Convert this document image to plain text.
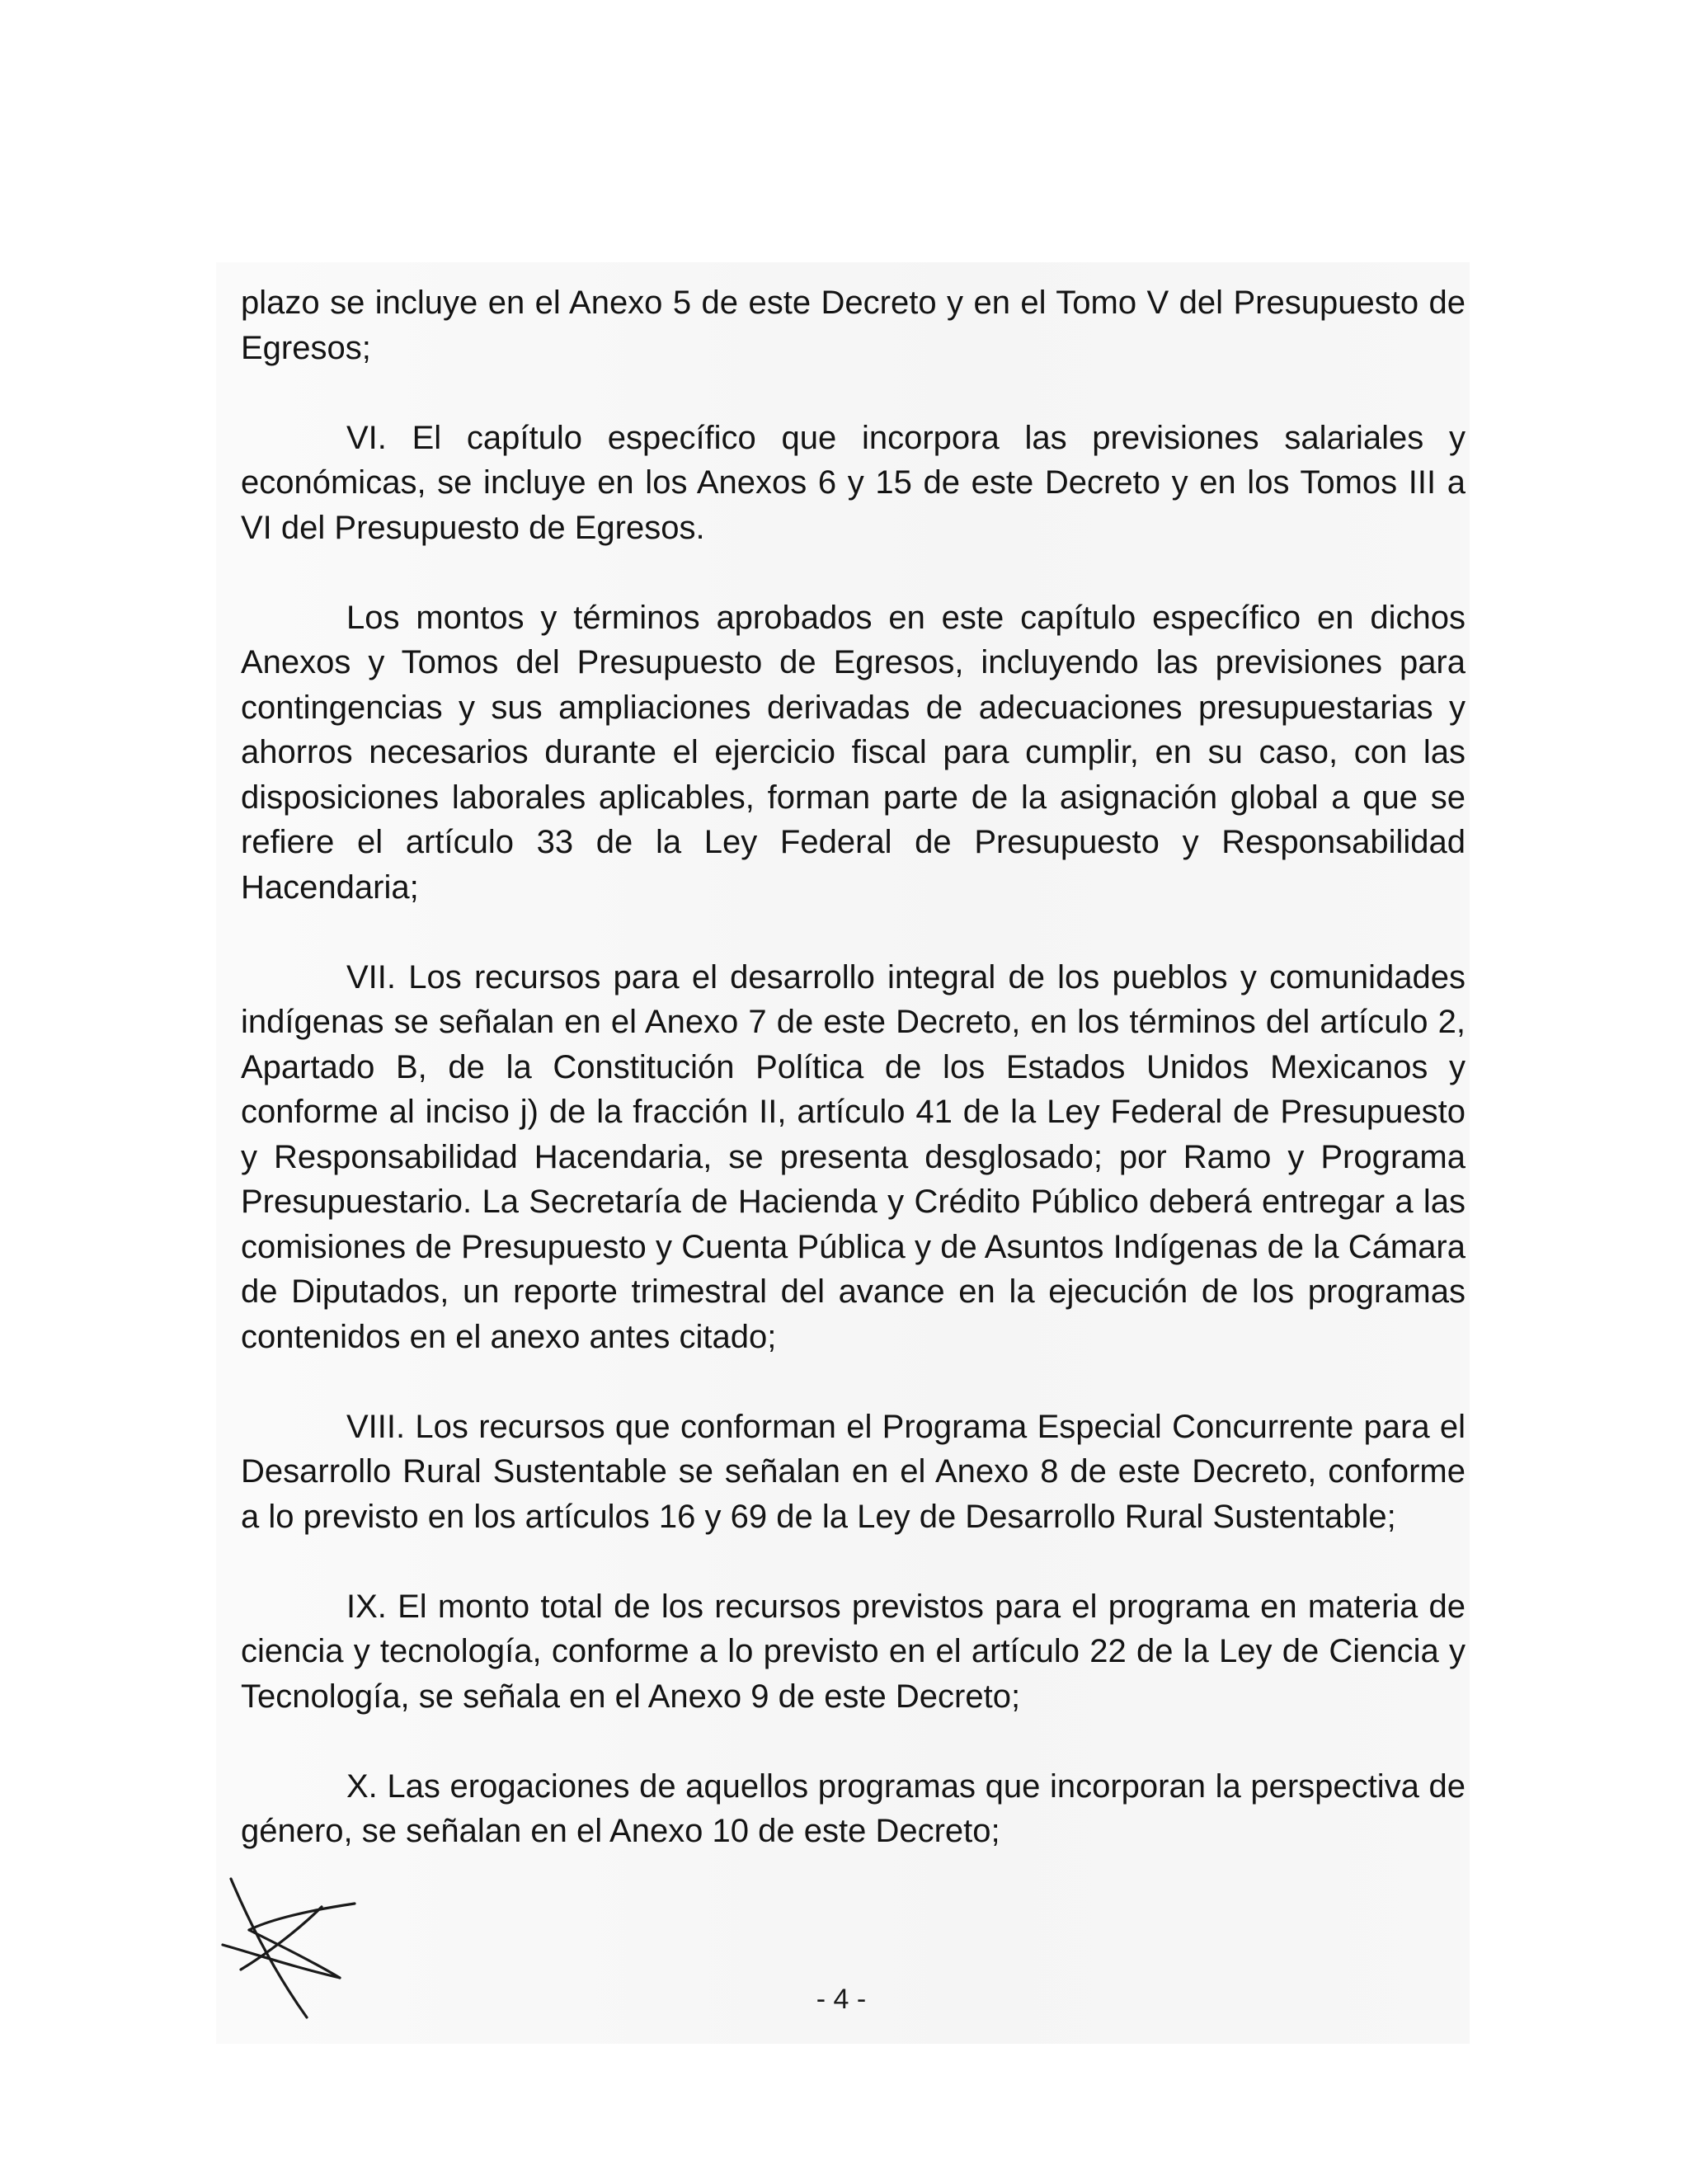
plazo se incluye en el Anexo 5 de este Decreto y en el Tomo V del Presupuesto de Egresos;

VI. El capítulo específico que incorpora las previsiones salariales y económicas, se incluye en los Anexos 6 y 15 de este Decreto y en los Tomos III a VI del Presupuesto de Egresos.

Los montos y términos aprobados en este capítulo específico en dichos Anexos y Tomos del Presupuesto de Egresos, incluyendo las previsiones para contingencias y sus ampliaciones derivadas de adecuaciones presupuestarias y ahorros necesarios durante el ejercicio fiscal para cumplir, en su caso, con las disposiciones laborales aplicables, forman parte de la asignación global a que se refiere el artículo 33 de la Ley Federal de Presupuesto y Responsabilidad Hacendaria;

VII. Los recursos para el desarrollo integral de los pueblos y comunidades indígenas se señalan en el Anexo 7 de este Decreto, en los términos del artículo 2, Apartado B, de la Constitución Política de los Estados Unidos Mexicanos y conforme al inciso j) de la fracción II, artículo 41 de la Ley Federal de Presupuesto y Responsabilidad Hacendaria, se presenta desglosado; por Ramo y Programa Presupuestario. La Secretaría de Hacienda y Crédito Público deberá entregar a las comisiones de Presupuesto y Cuenta Pública y de Asuntos Indígenas de la Cámara de Diputados, un reporte trimestral del avance en la ejecución de los programas contenidos en el anexo antes citado;

VIII. Los recursos que conforman el Programa Especial Concurrente para el Desarrollo Rural Sustentable se señalan en el Anexo 8 de este Decreto, conforme a lo previsto en los artículos 16 y 69 de la Ley de Desarrollo Rural Sustentable;

IX. El monto total de los recursos previstos para el programa en materia de ciencia y tecnología, conforme a lo previsto en el artículo 22 de la Ley de Ciencia y Tecnología, se señala en el Anexo 9 de este Decreto;

X. Las erogaciones de aquellos programas que incorporan la perspectiva de género, se señalan en el Anexo 10 de este Decreto;

- 4 -
